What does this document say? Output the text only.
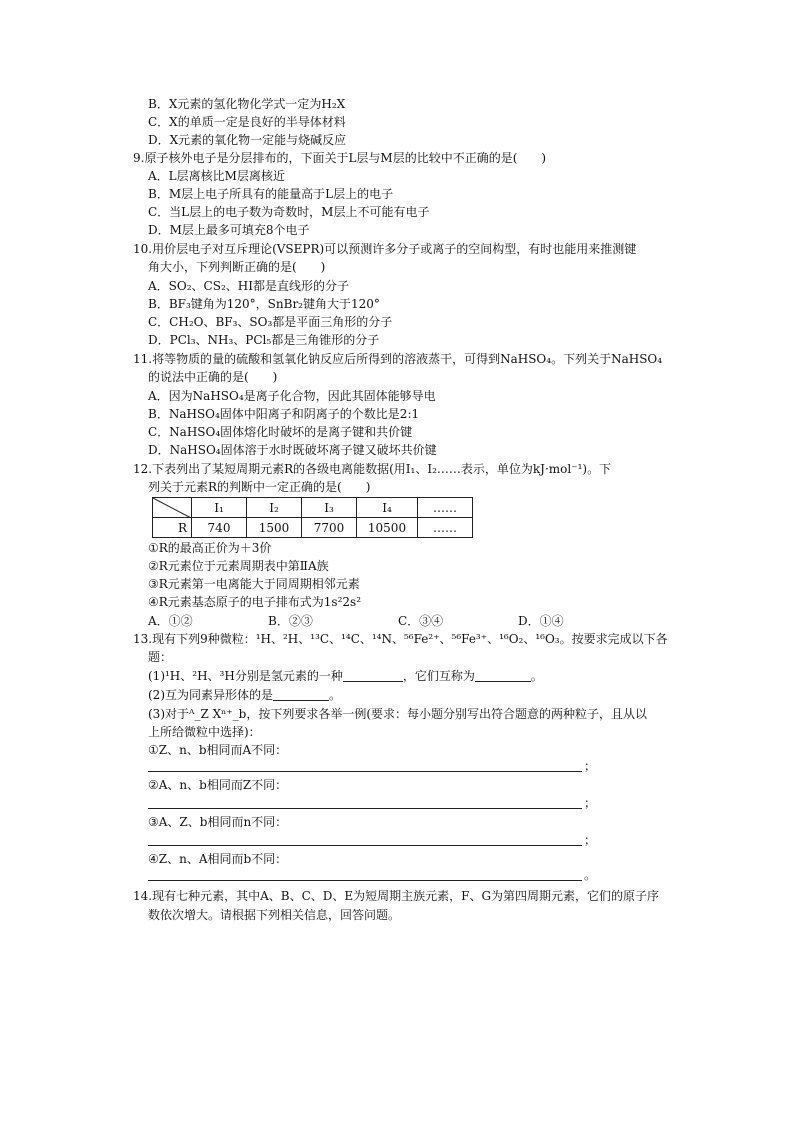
B．X元素的氢化物化学式一定为H₂X
C．X的单质一定是良好的半导体材料
D．X元素的氧化物一定能与烧碱反应
9.原子核外电子是分层排布的，下面关于L层与M层的比较中不正确的是(　　)
A．L层离核比M层离核近
B．M层上电子所具有的能量高于L层上的电子
C．当L层上的电子数为奇数时，M层上不可能有电子
D．M层上最多可填充8个电子
10.用价层电子对互斥理论(VSEPR)可以预测许多分子或离子的空间构型，有时也能用来推测键
角大小，下列判断正确的是(　　)
A．SO₂、CS₂、HI都是直线形的分子
B．BF₃键角为120°，SnBr₂键角大于120°
C．CH₂O、BF₃、SO₃都是平面三角形的分子
D．PCl₃、NH₃、PCl₅都是三角锥形的分子
11.将等物质的量的硫酸和氢氧化钠反应后所得到的溶液蒸干，可得到NaHSO₄。下列关于NaHSO₄
的说法中正确的是(　　)
A．因为NaHSO₄是离子化合物，因此其固体能够导电
B．NaHSO₄固体中阳离子和阴离子的个数比是2:1
C．NaHSO₄固体熔化时破坏的是离子键和共价键
D．NaHSO₄固体溶于水时既破坏离子键又破坏共价键
12.下表列出了某短周期元素R的各级电离能数据(用I₁、I₂……表示，单位为kJ·mol⁻¹)。下
列关于元素R的判断中一定正确的是(　　)
	I₁	I₂	I₃	I₄	……
R	740	1500	7700	10500	……
①R的最高正价为＋3价
②R元素位于元素周期表中第ⅡA族
③R元素第一电离能大于同周期相邻元素
④R元素基态原子的电子排布式为1s²2s²
A．①②	B．②③	C．③④	D．①④
13.现有下列9种微粒：¹H、²H、¹³C、¹⁴C、¹⁴N、⁵⁶Fe²⁺、⁵⁶Fe³⁺、¹⁶O₂、¹⁶O₃。按要求完成以下各
题：
(1)¹H、²H、³H分别是氢元素的一种	，它们互称为	。
(2)互为同素异形体的是	。
(3)对于ᴬ_Z Xⁿ⁺_b，按下列要求各举一例(要求：每小题分别写出符合题意的两种粒子，且从以
上所给微粒中选择)：
①Z、n、b相同而A不同：
；
②A、n、b相同而Z不同：
；
③A、Z、b相同而n不同：
；
④Z、n、A相同而b不同：
。
14.现有七种元素，其中A、B、C、D、E为短周期主族元素，F、G为第四周期元素，它们的原子序
数依次增大。请根据下列相关信息，回答问题。
